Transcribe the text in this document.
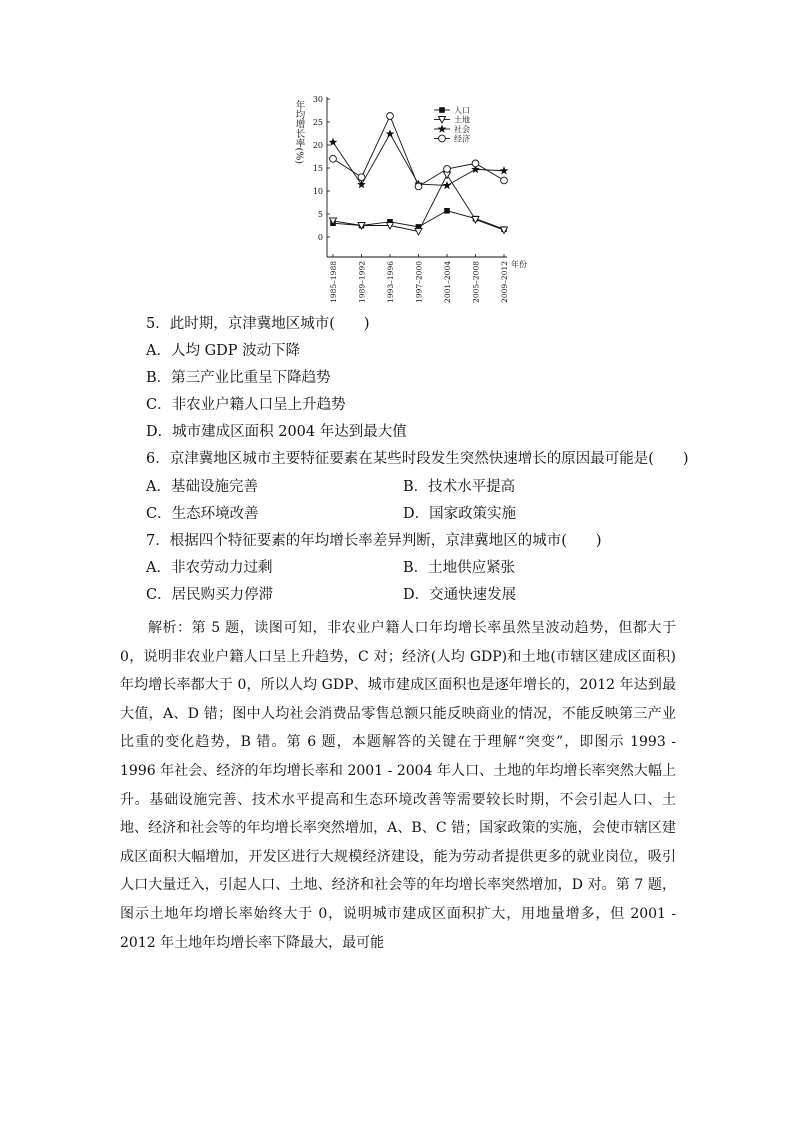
年均增长率(%)
年份
0
5
10
15
20
25
30
1985–1988	1989–1992	1993–1996	1997–2000	2001–2004	2005–2008	2009–2012
人口
土地
社会
经济
5．此时期，京津冀地区城市(　　)
A．人均 GDP 波动下降
B．第三产业比重呈下降趋势
C．非农业户籍人口呈上升趋势
D．城市建成区面积 2004 年达到最大值
6．京津冀地区城市主要特征要素在某些时段发生突然快速增长的原因最可能是(　　)
A．基础设施完善	B．技术水平提高
C．生态环境改善	D．国家政策实施
7．根据四个特征要素的年均增长率差异判断，京津冀地区的城市(　　)
A．非农劳动力过剩	B．土地供应紧张
C．居民购买力停滞	D．交通快速发展

解析：第 5 题，读图可知，非农业户籍人口年均增长率虽然呈波动趋势，但都大于 0，说明非农业户籍人口呈上升趋势，C 对；经济(人均 GDP)和土地(市辖区建成区面积)年均增长率都大于 0，所以人均 GDP、城市建成区面积也是逐年增长的，2012 年达到最大值，A、D 错；图中人均社会消费品零售总额只能反映商业的情况，不能反映第三产业比重的变化趋势，B 错。第 6 题，本题解答的关键在于理解“突变”，即图示 1993 - 1996 年社会、经济的年均增长率和 2001 - 2004 年人口、土地的年均增长率突然大幅上升。基础设施完善、技术水平提高和生态环境改善等需要较长时期，不会引起人口、土地、经济和社会等的年均增长率突然增加，A、B、C 错；国家政策的实施，会使市辖区建成区面积大幅增加，开发区进行大规模经济建设，能为劳动者提供更多的就业岗位，吸引人口大量迁入，引起人口、土地、经济和社会等的年均增长率突然增加，D 对。第 7 题，图示土地年均增长率始终大于 0，说明城市建成区面积扩大，用地量增多，但 2001 - 2012 年土地年均增长率下降最大，最可能
